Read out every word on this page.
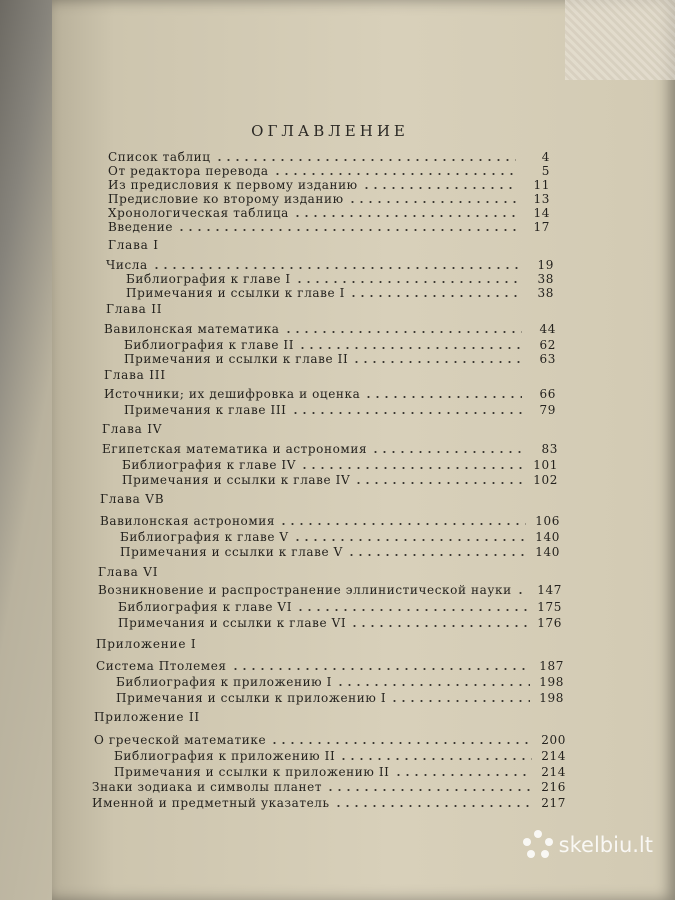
ОГЛАВЛЕНИЕ
Список таблиц	4
От редактора перевода	5
Из предисловия к первому изданию	11
Предисловие ко второму изданию	13
Хронологическая таблица	14
Введение	17
Глава I
Числа	19
Библиография к главе I	38
Примечания и ссылки к главе I	38
Глава II
Вавилонская математика	44
Библиография к главе II	62
Примечания и ссылки к главе II	63
Глава III
Источники; их дешифровка и оценка	66
Примечания к главе III	79
Глава IV
Египетская математика и астрономия	83
Библиография к главе IV	101
Примечания и ссылки к главе IV	102
Глава VB
Вавилонская астрономия	106
Библиография к главе V	140
Примечания и ссылки к главе V	140
Глава VI
Возникновение и распространение эллинистической науки	147
Библиография к главе VI	175
Примечания и ссылки к главе VI	176
Приложение I
Система Птолемея	187
Библиография к приложению I	198
Примечания и ссылки к приложению I	198
Приложение II
О греческой математике	200
Библиография к приложению II	214
Примечания и ссылки к приложению II	214
Знаки зодиака и символы планет	216
Именной и предметный указатель	217
skelbiu.lt
